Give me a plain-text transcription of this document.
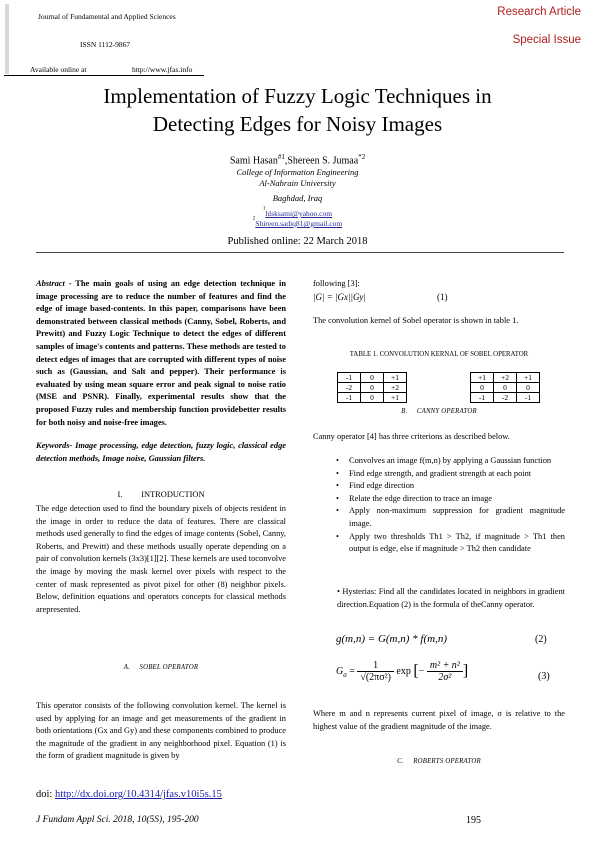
Journal of Fundamental and Applied Sciences
ISSN 1112-9867
Available online at	http://www.jfas.info
Research Article
Special Issue
Implementation of Fuzzy Logic Techniques in
Detecting Edges for Noisy Images
Sami Hasan$^{\#1}$,Shereen S. Jumaa$^{*2}$
College of Information Engineering
Al-Nahrain University
Baghdad, Iraq
$^1$hlsksami@yahoo.com
$^2$Shireen.sadiq81@gmail.com
Published online: 22 March 2018
Abstract - The main goals of using an edge detection technique in image processing are to reduce the number of features and find the edge of image based-contents. In this paper, comparisons have been demonstrated between classical methods (Canny, Sobel, Roberts, and Prewitt) and Fuzzy Logic Technique to detect the edges of different samples of image's contents and patterns. These methods are tested to detect edges of images that are corrupted with different types of noise such as (Gaussian, and Salt and pepper). Their performance is evaluated by using mean square error and peak signal to noise ratio (MSE and PSNR). Finally, experimental results show that the proposed Fuzzy rules and membership function providebetter results for both noisy and noise-free images.
Keywords- Image processing, edge detection, fuzzy logic, classical edge detection methods, Image noise, Gaussian filters.
I.         INTRODUCTION
The edge detection used to find the boundary pixels of objects resident in the image in order to reduce the data of features. There are classical methods used generally to find the edges of image contents (Sobel, Canny, Roberts, and Prewitt) and these methods usually operate depending on a pair of convolution kernels (3x3)[1][2]. These kernels are used toconvolve the image by moving the mask kernel over pixels with respect to the center of mask represented as pivot pixel for other (8) neighbor pixels. Below, definition equations and operators concepts for classical methods arepresented.
A.     SOBEL OPERATOR
This operator consists of the following convolution kernel. The kernel is used by applying for an image and get measurements of the gradient in both orientations (Gx and Gy) and these components combined to produce the magnitude of the gradient in any neighborhood pixel. Equation (1) is the form of gradient magnitude is given by
following [3]:
|G| = |Gx||Gy|	(1)
The convolution kernel of Sobel operator is shown in table 1.
TABLE 1. CONVOLUTION KERNAL OF SOBEL OPERATOR
-1	0	+1
-2	0	+2
-1	0	+1
+1	+2	+1
0	0	0
-1	-2	-1
B.     CANNY OPERATOR
Canny operator [4] has three criterions as described below.
• Convolves an image f(m,n) by applying a Gaussian function
• Find edge strength, and gradient strength at each point
• Find edge direction
• Relate the edge direction to trace an image
• Apply non-maximum suppression for gradient magnitude image.
• Apply two thresholds Th1 > Th2, if magnitude > Th1 then output is edge, else if magnitude > Th2 then candidate
• Hysterias: Find all the candidates located in neighbors in gradient direction.Equation (2) is the formula of theCanny operator.
g(m,n) = G(m,n) * f(m,n)	(2)
$G_\sigma = \frac{1}{\text{√(2πσ²)}}$ exp [− $\frac{\text{m² + n²}}{\text{2σ²}}$ ]	(3)
Where m and n represents current pixel of image, σ is relative to the highest value of the gradient magnitude of the image.
C.     ROBERTS OPERATOR
doi: http://dx.doi.org/10.4314/jfas.v10i5s.15
J Fundam Appl Sci. 2018, 10(5S), 195-200	195
